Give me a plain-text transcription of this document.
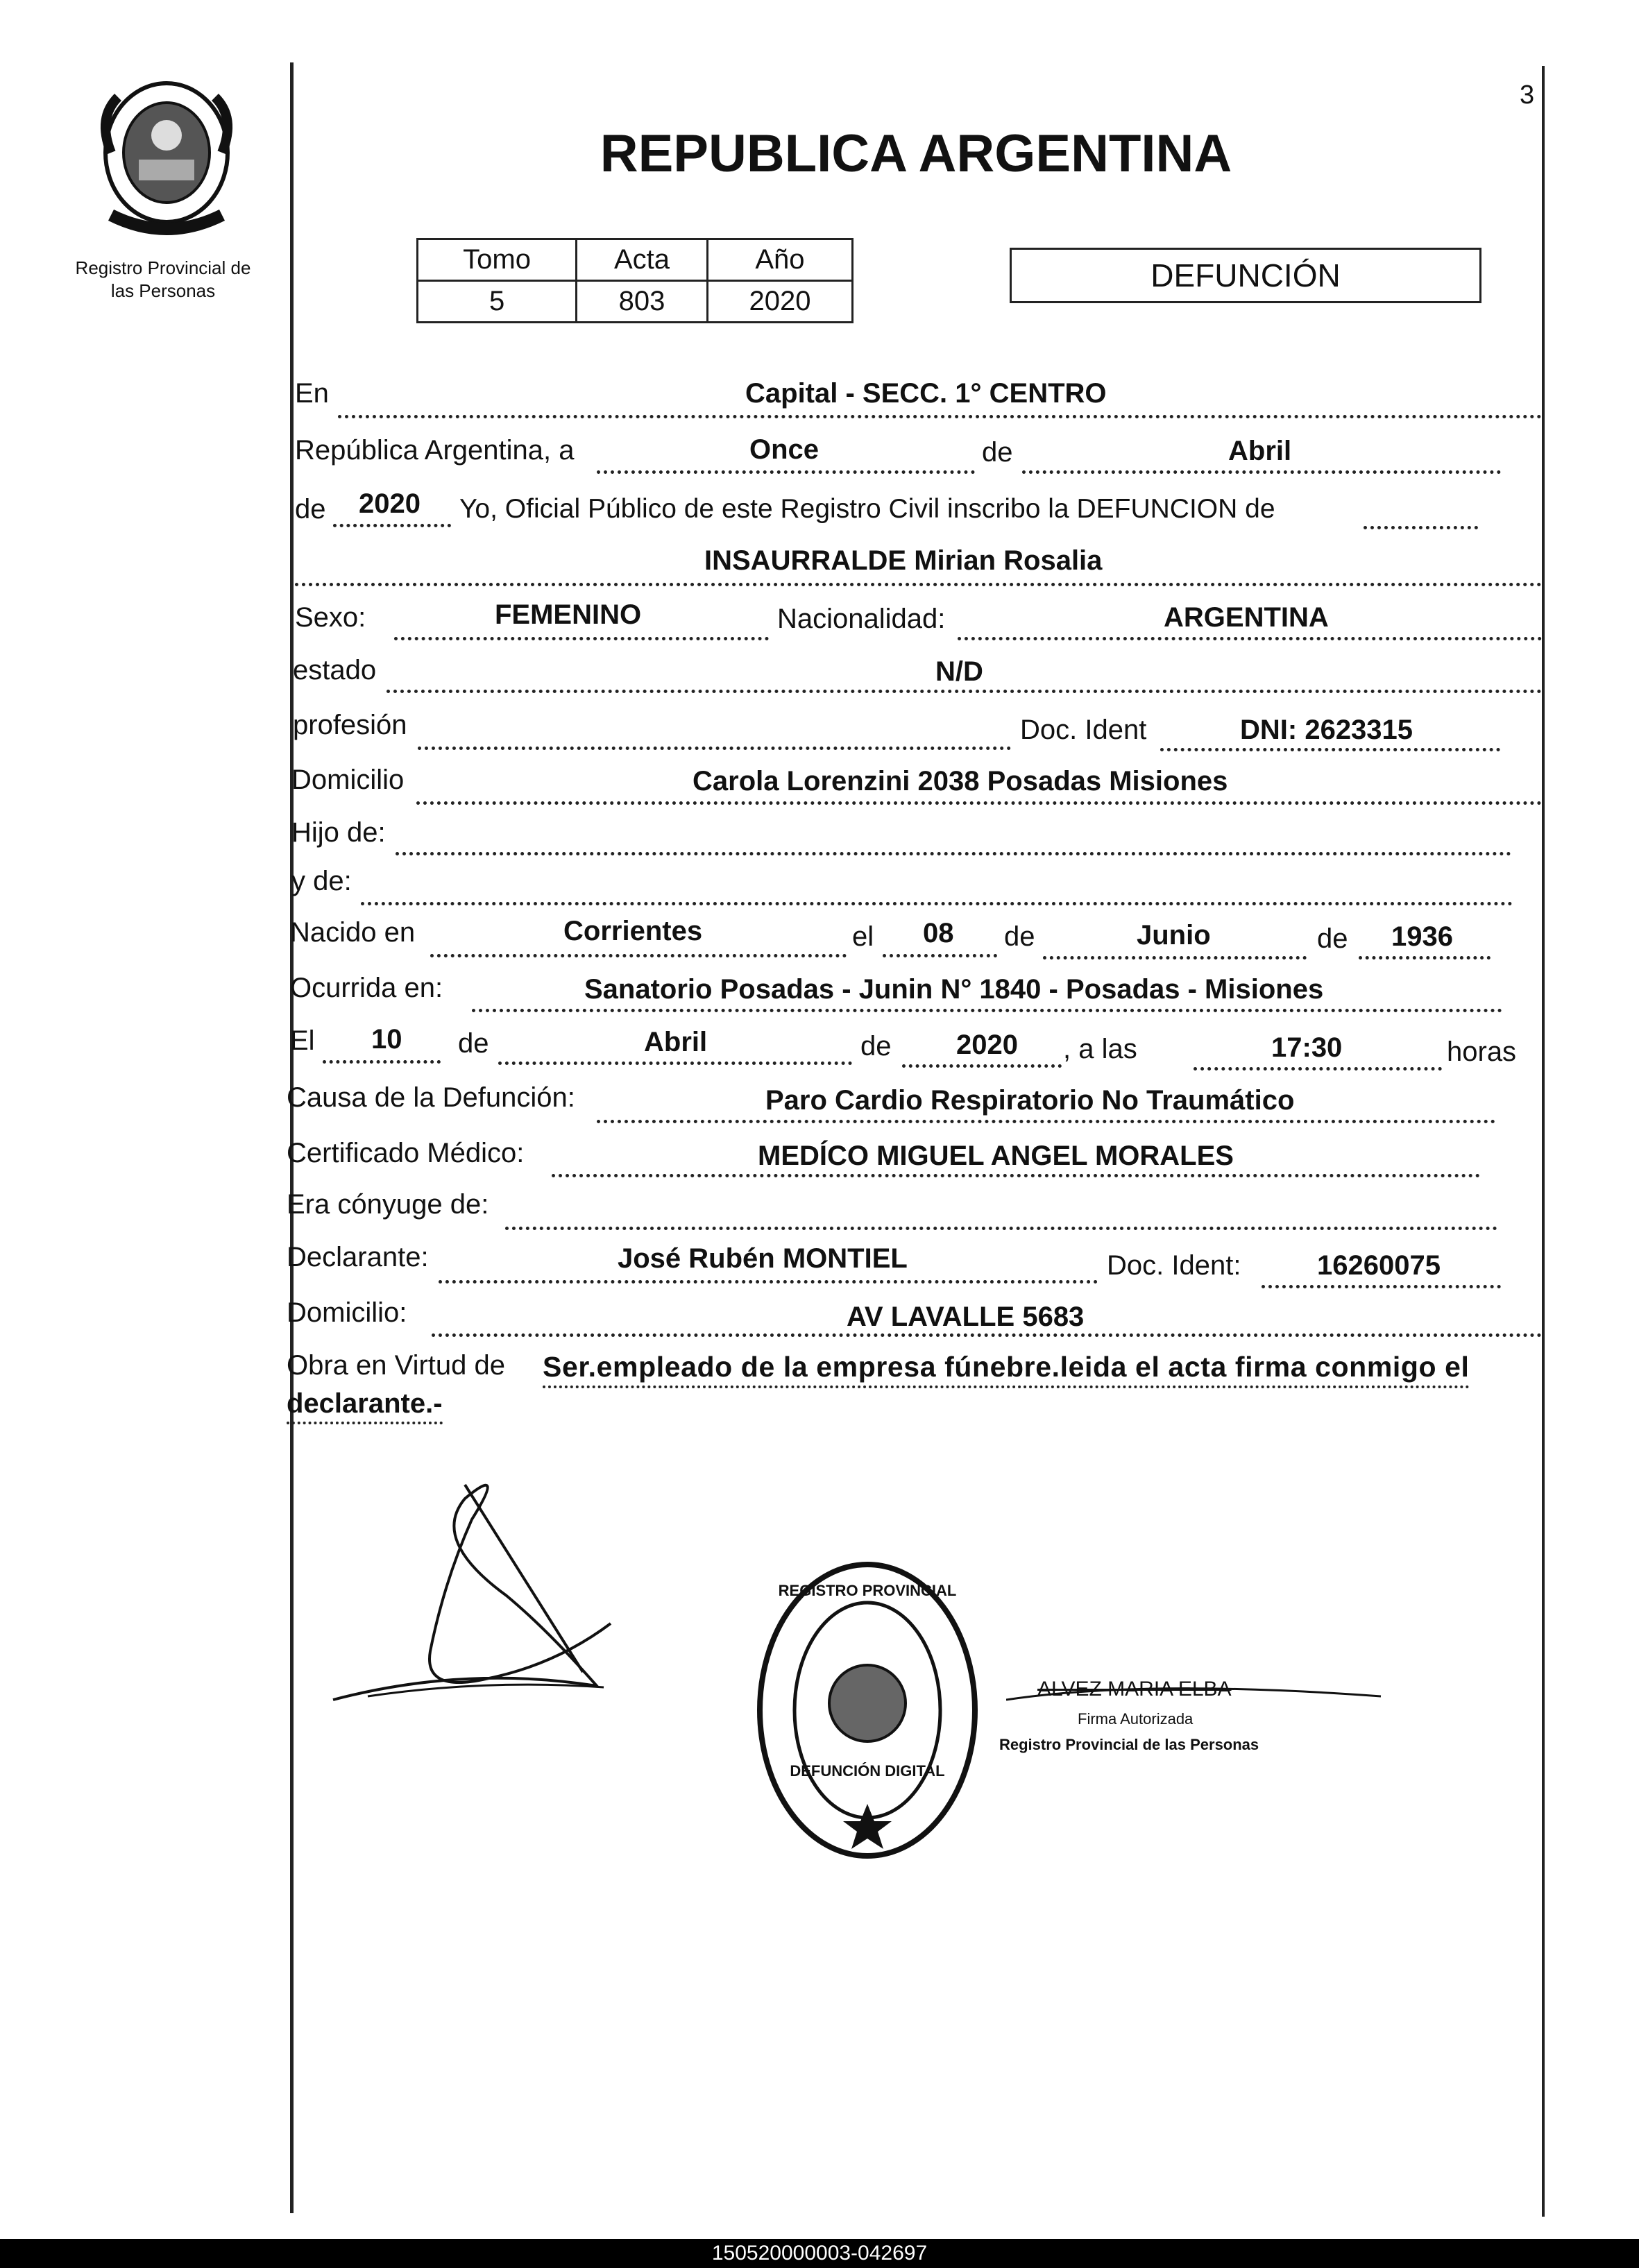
3
Registro Provincial de
las Personas
REPUBLICA ARGENTINA
Tomo	Acta	Año
5	803	2020
DEFUNCIÓN
En	Capital - SECC. 1° CENTRO
República Argentina, a	Once	de	Abril
de 2020 Yo, Oficial Público de este Registro Civil inscribo la DEFUNCION de
INSAURRALDE Mirian Rosalia
Sexo:	FEMENINO	Nacionalidad:	ARGENTINA
estado	N/D
profesión	Doc. Ident	DNI: 2623315
Domicilio	Carola Lorenzini 2038 Posadas Misiones
Hijo de:
y de:
Nacido en	Corrientes	el 08 de	Junio	de 1936
Ocurrida en:	Sanatorio Posadas - Junin N° 1840 - Posadas - Misiones
El 10 de	Abril	de 2020 , a las	17:30	horas
Causa de la Defunción:	Paro Cardio Respiratorio No Traumático
Certificado Médico:	MEDÍCO MIGUEL ANGEL MORALES
Era cónyuge de:
Declarante:	José Rubén MONTIEL	Doc. Ident:	16260075
Domicilio:	AV LAVALLE 5683
Obra en Virtud de Ser.empleado de la empresa fúnebre.leida el acta firma conmigo el
declarante.-
REGISTRO PROVINCIAL
DEFUNCIÓN DIGITAL
ALVEZ MARIA ELBA
Firma Autorizada
Registro Provincial de las Personas
150520000003-042697
